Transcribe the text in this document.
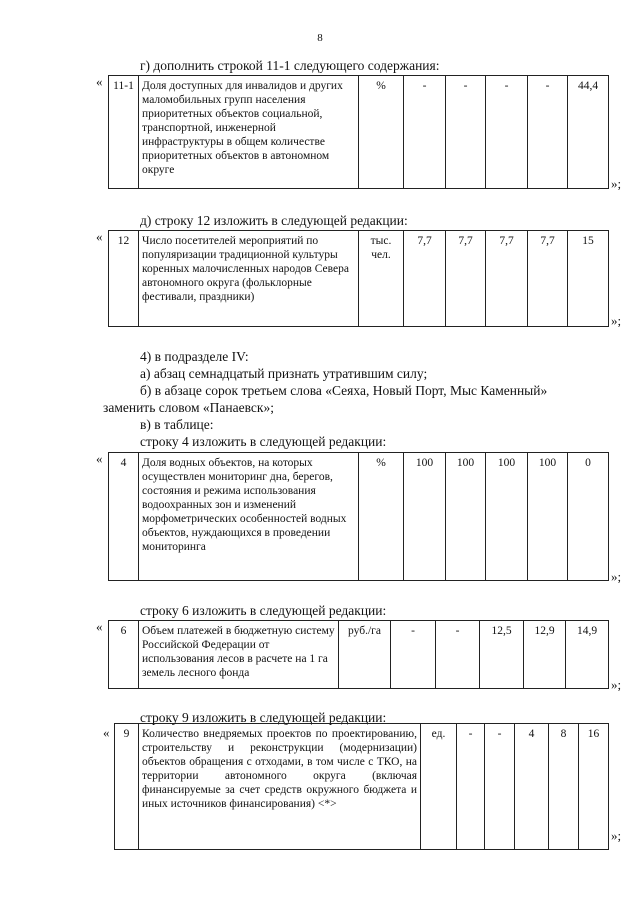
8
г) дополнить строкой 11-1 следующего содержания:
« 11-1	Доля доступных для инвалидов и других маломобильных групп населения приоритетных объектов социальной, транспортной, инженерной инфраструктуры в общем количестве приоритетных объектов в автономном округе	%	-	-	-	-	44,4
»;
д) строку 12 изложить в следующей редакции:
« 12	Число посетителей мероприятий по популяризации традиционной культуры коренных малочисленных народов Севера автономного округа (фольклорные фестивали, праздники)	тыс. чел.	7,7	7,7	7,7	7,7	15
»;
4) в подразделе IV:
а) абзац семнадцатый признать утратившим силу;
б) в абзаце сорок третьем слова «Сеяха, Новый Порт, Мыс Каменный»
заменить словом «Панаевск»;
в) в таблице:
строку 4 изложить в следующей редакции:
« 4	Доля водных объектов, на которых осуществлен мониторинг дна, берегов, состояния и режима использования водоохранных зон и изменений морфометрических особенностей водных объектов, нуждающихся в проведении мониторинга	%	100	100	100	100	0
»;
строку 6 изложить в следующей редакции:
« 6	Объем платежей в бюджетную систему Российской Федерации от использования лесов в расчете на 1 га земель лесного фонда	руб./га	-	-	12,5	12,9	14,9
»;
строку 9 изложить в следующей редакции:
« 9	Количество внедряемых проектов по проектированию, строительству и реконструкции (модернизации) объектов обращения с отходами, в том числе с ТКО, на территории автономного округа (включая финансируемые за счет средств окружного бюджета и иных источников финансирования) <*>	ед.	-	-	4	8	16
»;
